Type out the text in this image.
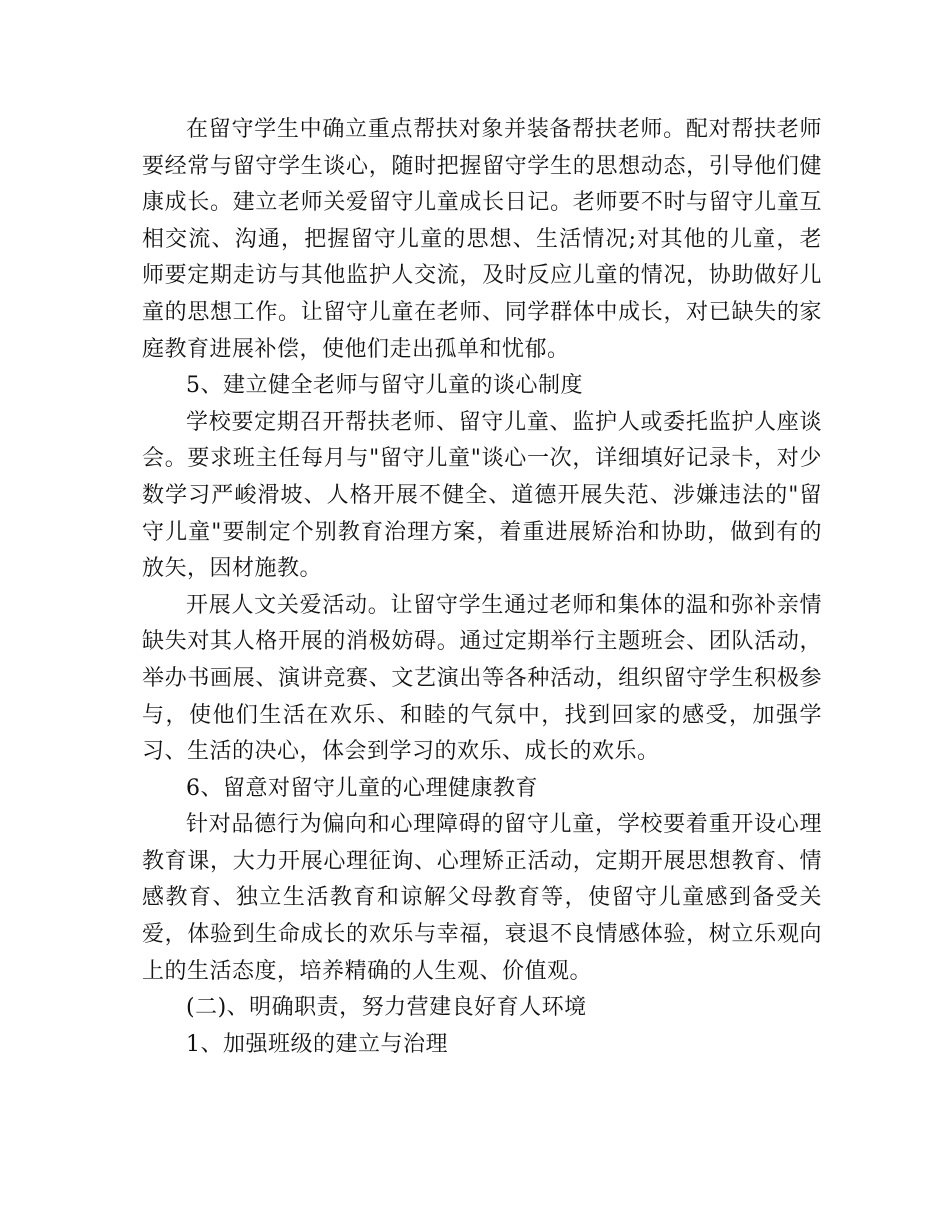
在留守学生中确立重点帮扶对象并装备帮扶老师。配对帮扶老师要经常与留守学生谈心，随时把握留守学生的思想动态，引导他们健康成长。建立老师关爱留守儿童成长日记。老师要不时与留守儿童互相交流、沟通，把握留守儿童的思想、生活情况;对其他的儿童，老师要定期走访与其他监护人交流，及时反应儿童的情况，协助做好儿童的思想工作。让留守儿童在老师、同学群体中成长，对已缺失的家庭教育进展补偿，使他们走出孤单和忧郁。

5、建立健全老师与留守儿童的谈心制度

学校要定期召开帮扶老师、留守儿童、监护人或委托监护人座谈会。要求班主任每月与"留守儿童"谈心一次，详细填好记录卡，对少数学习严峻滑坡、人格开展不健全、道德开展失范、涉嫌违法的"留守儿童"要制定个别教育治理方案，着重进展矫治和协助，做到有的放矢，因材施教。

开展人文关爱活动。让留守学生通过老师和集体的温和弥补亲情缺失对其人格开展的消极妨碍。通过定期举行主题班会、团队活动，举办书画展、演讲竞赛、文艺演出等各种活动，组织留守学生积极参与，使他们生活在欢乐、和睦的气氛中，找到回家的感受，加强学习、生活的决心，体会到学习的欢乐、成长的欢乐。

6、留意对留守儿童的心理健康教育

针对品德行为偏向和心理障碍的留守儿童，学校要着重开设心理教育课，大力开展心理征询、心理矫正活动，定期开展思想教育、情感教育、独立生活教育和谅解父母教育等，使留守儿童感到备受关爱，体验到生命成长的欢乐与幸福，衰退不良情感体验，树立乐观向上的生活态度，培养精确的人生观、价值观。

(二)、明确职责，努力营建良好育人环境

1、加强班级的建立与治理
